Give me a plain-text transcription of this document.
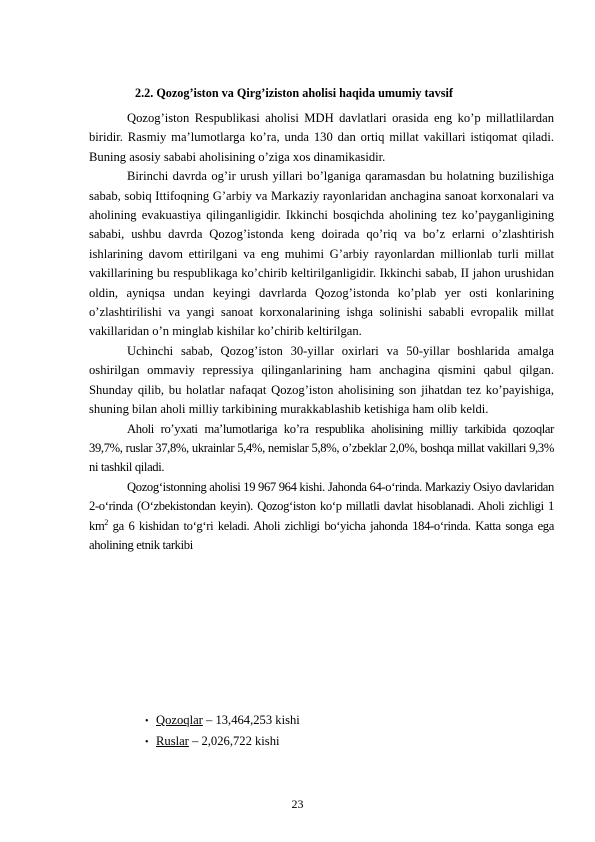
2.2. Qozog’iston va Qirg’iziston aholisi haqida umumiy tavsif

Qozog’iston Respublikasi aholisi MDH davlatlari orasida eng ko’p millatlilardan biridir. Rasmiy ma’lumotlarga ko’ra, unda 130 dan ortiq millat vakillari istiqomat qiladi. Buning asosiy sababi aholisining o’ziga xos dinamikasidir.

Birinchi davrda og’ir urush yillari bo’lganiga qaramasdan bu holatning buzilishiga sabab, sobiq Ittifoqning G’arbiy va Markaziy rayonlaridan anchagina sanoat korxonalari va aholining evakuastiya qilinganligidir. Ikkinchi bosqichda aholining tez ko’payganligining sababi, ushbu davrda Qozog’istonda keng doirada qo’riq va bo’z erlarni o’zlashtirish ishlarining davom ettirilgani va eng muhimi G’arbiy rayonlardan millionlab turli millat vakillarining bu respublikaga ko’chirib keltirilganligidir. Ikkinchi sabab, II jahon urushidan oldin, ayniqsa undan keyingi davrlarda Qozog’istonda ko’plab yer osti konlarining o’zlashtirilishi va yangi sanoat korxonalarining ishga solinishi sababli evropalik millat vakillaridan o’n minglab kishilar ko’chirib keltirilgan.

Uchinchi sabab, Qozog’iston 30-yillar oxirlari va 50-yillar boshlarida amalga oshirilgan ommaviy repressiya qilinganlarining ham anchagina qismini qabul qilgan. Shunday qilib, bu holatlar nafaqat Qozog’iston aholisining son jihatdan tez ko’payishiga, shuning bilan aholi milliy tarkibining murakkablashib ketishiga ham olib keldi.

Aholi ro’yxati ma’lumotlariga ko’ra respublika aholisining milliy tarkibida qozoqlar 39,7%, ruslar 37,8%, ukrainlar 5,4%, nemislar 5,8%, o’zbeklar 2,0%, boshqa millat vakillari 9,3% ni tashkil qiladi.

Qozog‘istonning aholisi 19 967 964 kishi. Jahonda 64-o‘rinda. Markaziy Osiyo davlaridan 2-o‘rinda (O‘zbekistondan keyin). Qozog‘iston ko‘p millatli davlat hisoblanadi. Aholi zichligi 1 $km^2$ ga 6 kishidan to‘g‘ri keladi. Aholi zichligi bo‘yicha jahonda 184-o‘rinda. Katta songa ega aholining etnik tarkibi

• Qozoqlar – 13,464,253 kishi
• Ruslar – 2,026,722 kishi
23
